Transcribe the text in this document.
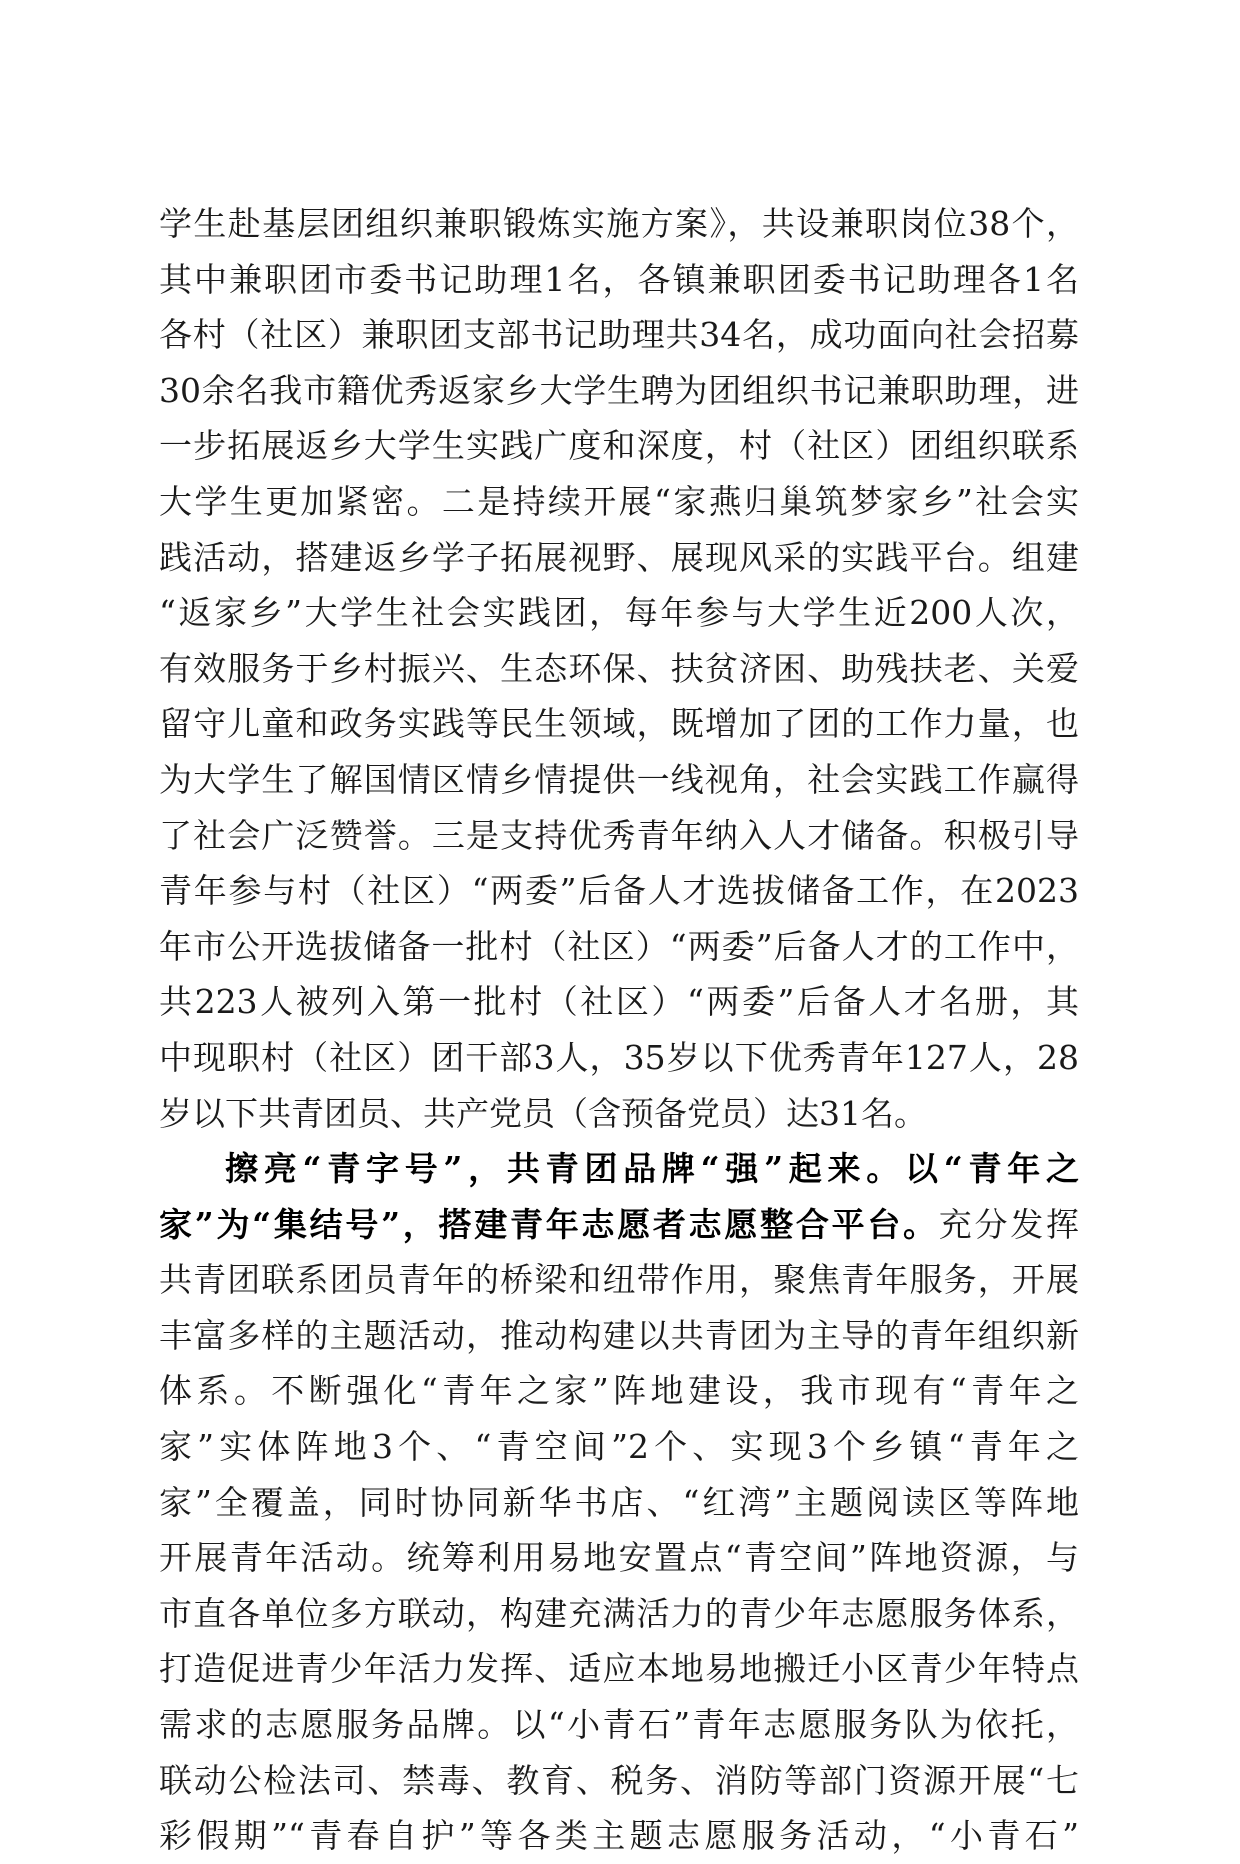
学生赴基层团组织兼职锻炼实施方案》，共设兼职岗位38个，
其中兼职团市委书记助理1名，各镇兼职团委书记助理各1名
各村（社区）兼职团支部书记助理共34名，成功面向社会招募
30余名我市籍优秀返家乡大学生聘为团组织书记兼职助理，进
一步拓展返乡大学生实践广度和深度，村（社区）团组织联系
大学生更加紧密。二是持续开展“家燕归巢筑梦家乡”社会实
践活动，搭建返乡学子拓展视野、展现风采的实践平台。组建
“返家乡”大学生社会实践团，每年参与大学生近200人次，
有效服务于乡村振兴、生态环保、扶贫济困、助残扶老、关爱
留守儿童和政务实践等民生领域，既增加了团的工作力量，也
为大学生了解国情区情乡情提供一线视角，社会实践工作赢得
了社会广泛赞誉。三是支持优秀青年纳入人才储备。积极引导
青年参与村（社区）“两委”后备人才选拔储备工作，在2023
年市公开选拔储备一批村（社区）“两委”后备人才的工作中，
共223人被列入第一批村（社区）“两委”后备人才名册，其
中现职村（社区）团干部3人，35岁以下优秀青年127人，28
岁以下共青团员、共产党员（含预备党员）达31名。
擦亮“青字号”，共青团品牌“强”起来。以“青年之
家”为“集结号”，搭建青年志愿者志愿整合平台。充分发挥
共青团联系团员青年的桥梁和纽带作用，聚焦青年服务，开展
丰富多样的主题活动，推动构建以共青团为主导的青年组织新
体系。不断强化“青年之家”阵地建设，我市现有“青年之
家”实体阵地3个、“青空间”2个、实现3个乡镇“青年之
家”全覆盖，同时协同新华书店、“红湾”主题阅读区等阵地
开展青年活动。统筹利用易地安置点“青空间”阵地资源，与
市直各单位多方联动，构建充满活力的青少年志愿服务体系，
打造促进青少年活力发挥、适应本地易地搬迁小区青少年特点
需求的志愿服务品牌。以“小青石”青年志愿服务队为依托，
联动公检法司、禁毒、教育、税务、消防等部门资源开展“七
彩假期”“青春自护”等各类主题志愿服务活动，“小青石”
